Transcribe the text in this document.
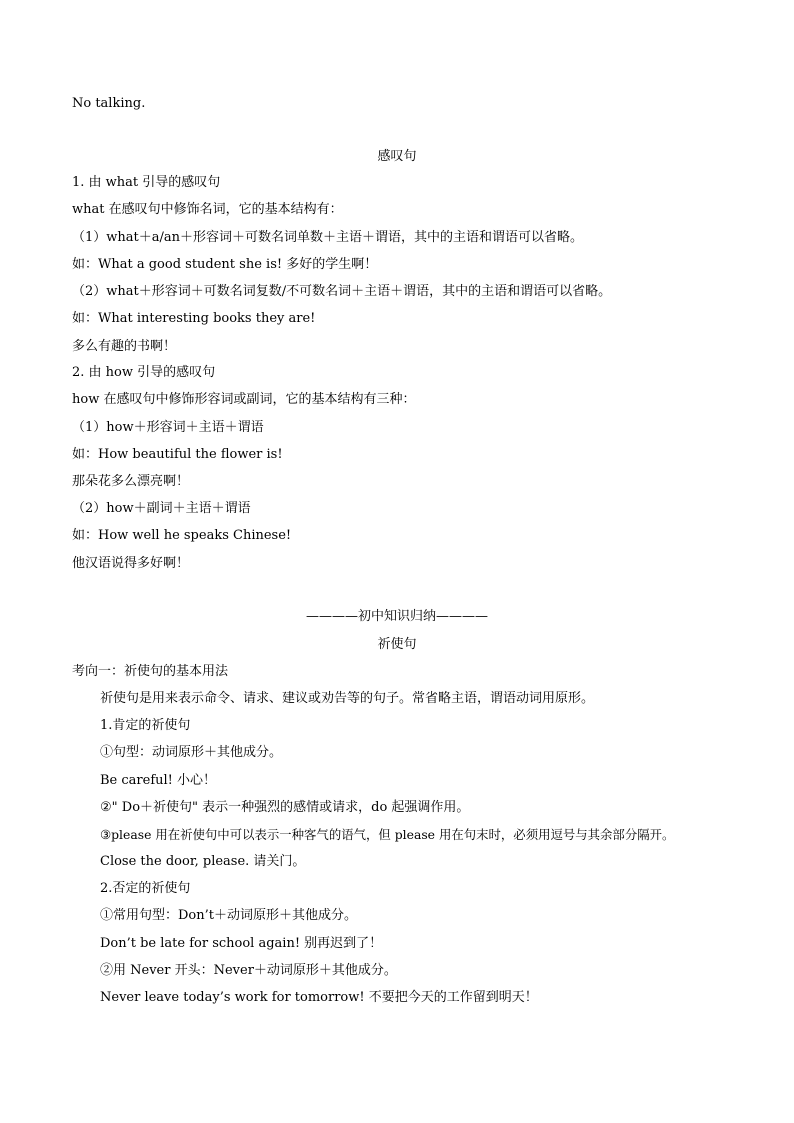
No talking.
感叹句
1. 由 what 引导的感叹句
what 在感叹句中修饰名词，它的基本结构有：
（1）what＋a/an＋形容词＋可数名词单数＋主语＋谓语，其中的主语和谓语可以省略。
如：What a good student she is! 多好的学生啊！
（2）what＋形容词＋可数名词复数/不可数名词＋主语＋谓语，其中的主语和谓语可以省略。
如：What interesting books they are!
多么有趣的书啊！
2. 由 how 引导的感叹句
how 在感叹句中修饰形容词或副词，它的基本结构有三种：
（1）how＋形容词＋主语＋谓语
如：How beautiful the flower is!
那朵花多么漂亮啊！
（2）how＋副词＋主语＋谓语
如：How well he speaks Chinese!
他汉语说得多好啊！
————初中知识归纳————
祈使句
考向一：祈使句的基本用法
祈使句是用来表示命令、请求、建议或劝告等的句子。常省略主语，谓语动词用原形。
1.肯定的祈使句
①句型：动词原形＋其他成分。
Be careful! 小心！
②" Do＋祈使句" 表示一种强烈的感情或请求，do 起强调作用。
③please 用在祈使句中可以表示一种客气的语气，但 please 用在句末时，必须用逗号与其余部分隔开。
Close the door, please. 请关门。
2.否定的祈使句
①常用句型：Don’t＋动词原形＋其他成分。
Don’t be late for school again! 别再迟到了！
②用 Never 开头：Never＋动词原形＋其他成分。
Never leave today’s work for tomorrow! 不要把今天的工作留到明天！
